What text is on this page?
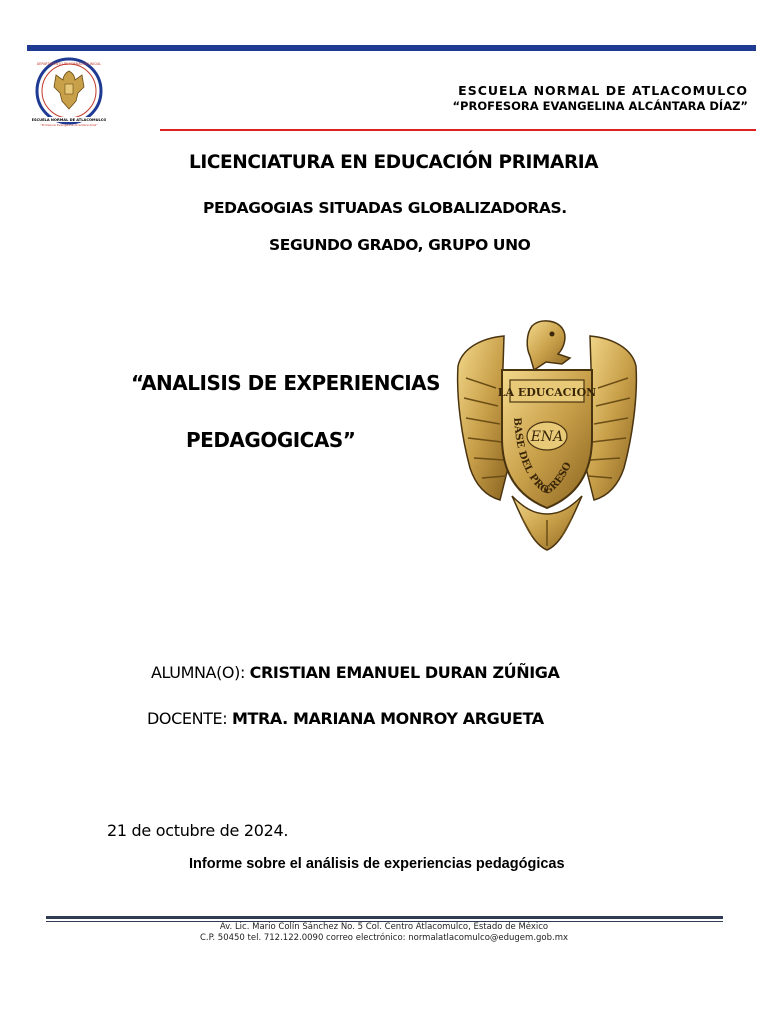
DEPARTAMENTO DE FORMACIÓN INICIAL
ESCUELA NORMAL DE ATLACOMULCO
"Profesora Evangelina Alcántara Díaz"
ESCUELA NORMAL DE ATLACOMULCO
“PROFESORA EVANGELINA ALCÁNTARA DÍAZ”
LICENCIATURA EN EDUCACIÓN PRIMARIA
PEDAGOGIAS SITUADAS GLOBALIZADORAS.
SEGUNDO GRADO, GRUPO UNO
“ANALISIS DE EXPERIENCIAS
PEDAGOGICAS”
LA EDUCACION
ENA
BASE DEL PROGRESO
ALUMNA(O): CRISTIAN EMANUEL DURAN ZÚÑIGA
DOCENTE: MTRA. MARIANA MONROY ARGUETA
21 de octubre de 2024.
Informe sobre el análisis de experiencias pedagógicas
Av. Lic. Mario Colín Sánchez No. 5 Col. Centro Atlacomulco, Estado de México
C.P. 50450 tel. 712.122.0090 correo electrónico: normalatlacomulco@edugem.gob.mx
